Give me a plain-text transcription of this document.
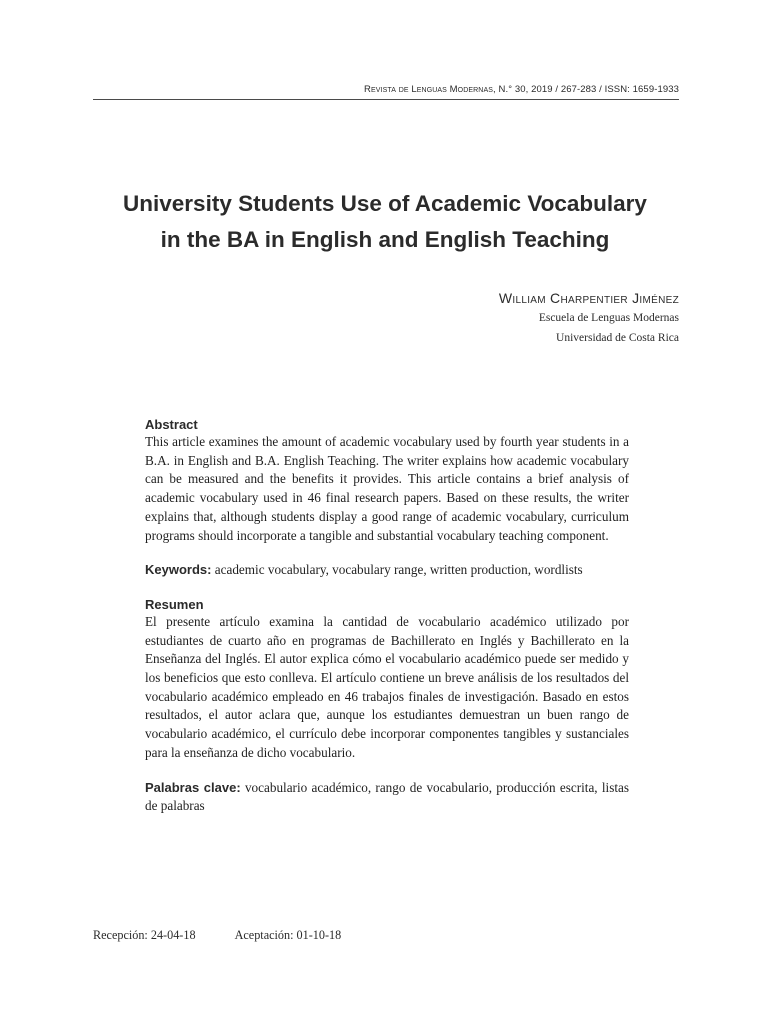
Revista de Lenguas Modernas, N.° 30, 2019 / 267-283 / ISSN: 1659-1933
University Students Use of Academic Vocabulary
in the BA in English and English Teaching
William Charpentier Jiménez
Escuela de Lenguas Modernas
Universidad de Costa Rica
Abstract

This article examines the amount of academic vocabulary used by fourth year students in a B.A. in English and B.A. English Teaching. The writer explains how academic vocabulary can be measured and the benefits it provides. This article contains a brief analysis of academic vocabulary used in 46 final research papers. Based on these results, the writer explains that, although students display a good range of academic vocabulary, curriculum programs should incorporate a tangible and substantial vocabulary teaching component.

Keywords: academic vocabulary, vocabulary range, written production, wordlists

Resumen

El presente artículo examina la cantidad de vocabulario académico utilizado por estudiantes de cuarto año en programas de Bachillerato en Inglés y Bachillerato en la Enseñanza del Inglés. El autor explica cómo el vocabulario académico puede ser medido y los beneficios que esto conlleva. El artículo contiene un breve análisis de los resultados del vocabulario académico empleado en 46 trabajos finales de investigación. Basado en estos resultados, el autor aclara que, aunque los estudiantes demuestran un buen rango de vocabulario académico, el currículo debe incorporar componentes tangibles y sustanciales para la enseñanza de dicho vocabulario.

Palabras clave: vocabulario académico, rango de vocabulario, producción escrita, listas de palabras

Recepción: 24-04-18	Aceptación: 01-10-18
